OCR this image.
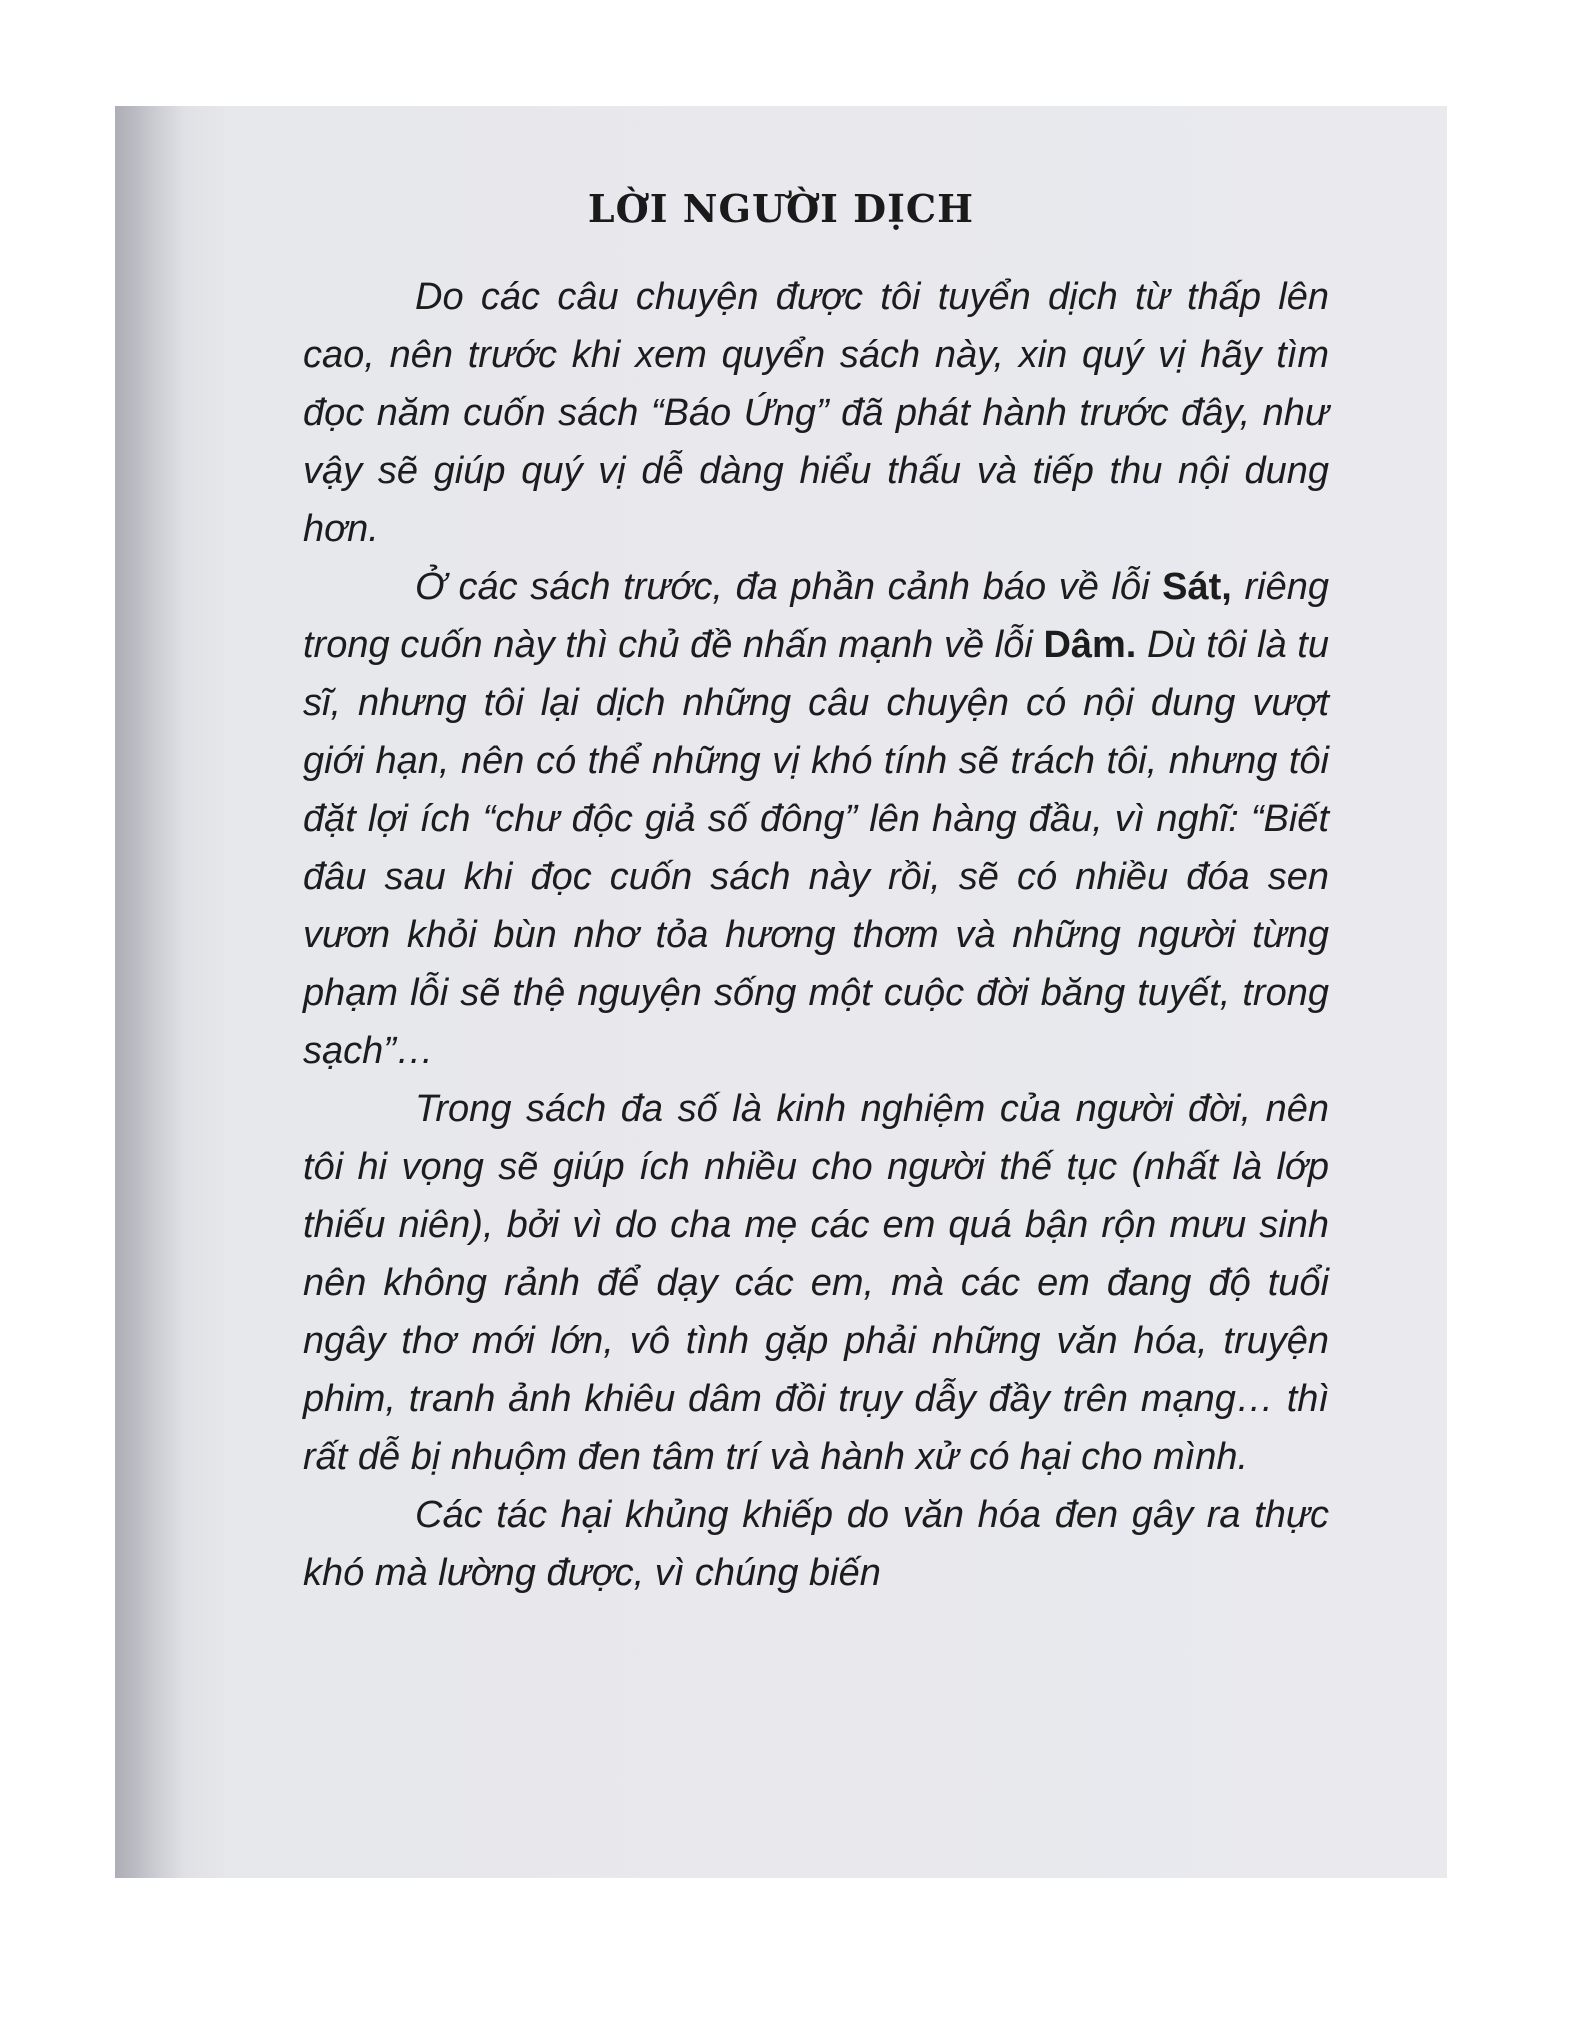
LỜI NGƯỜI DỊCH

Do các câu chuyện được tôi tuyển dịch từ thấp lên cao, nên trước khi xem quyển sách này, xin quý vị hãy tìm đọc năm cuốn sách “Báo Ứng” đã phát hành trước đây, như vậy sẽ giúp quý vị dễ dàng hiểu thấu và tiếp thu nội dung hơn.

Ở các sách trước, đa phần cảnh báo về lỗi Sát, riêng trong cuốn này thì chủ đề nhấn mạnh về lỗi Dâm. Dù tôi là tu sĩ, nhưng tôi lại dịch những câu chuyện có nội dung vượt giới hạn, nên có thể những vị khó tính sẽ trách tôi, nhưng tôi đặt lợi ích “chư độc giả số đông” lên hàng đầu, vì nghĩ: “Biết đâu sau khi đọc cuốn sách này rồi, sẽ có nhiều đóa sen vươn khỏi bùn nhơ tỏa hương thơm và những người từng phạm lỗi sẽ thệ nguyện sống một cuộc đời băng tuyết, trong sạch”…

Trong sách đa số là kinh nghiệm của người đời, nên tôi hi vọng sẽ giúp ích nhiều cho người thế tục (nhất là lớp thiếu niên), bởi vì do cha mẹ các em quá bận rộn mưu sinh nên không rảnh để dạy các em, mà các em đang độ tuổi ngây thơ mới lớn, vô tình gặp phải những văn hóa, truyện phim, tranh ảnh khiêu dâm đồi trụy dẫy đầy trên mạng… thì rất dễ bị nhuộm đen tâm trí và hành xử có hại cho mình.

Các tác hại khủng khiếp do văn hóa đen gây ra thực khó mà lường được, vì chúng biến
